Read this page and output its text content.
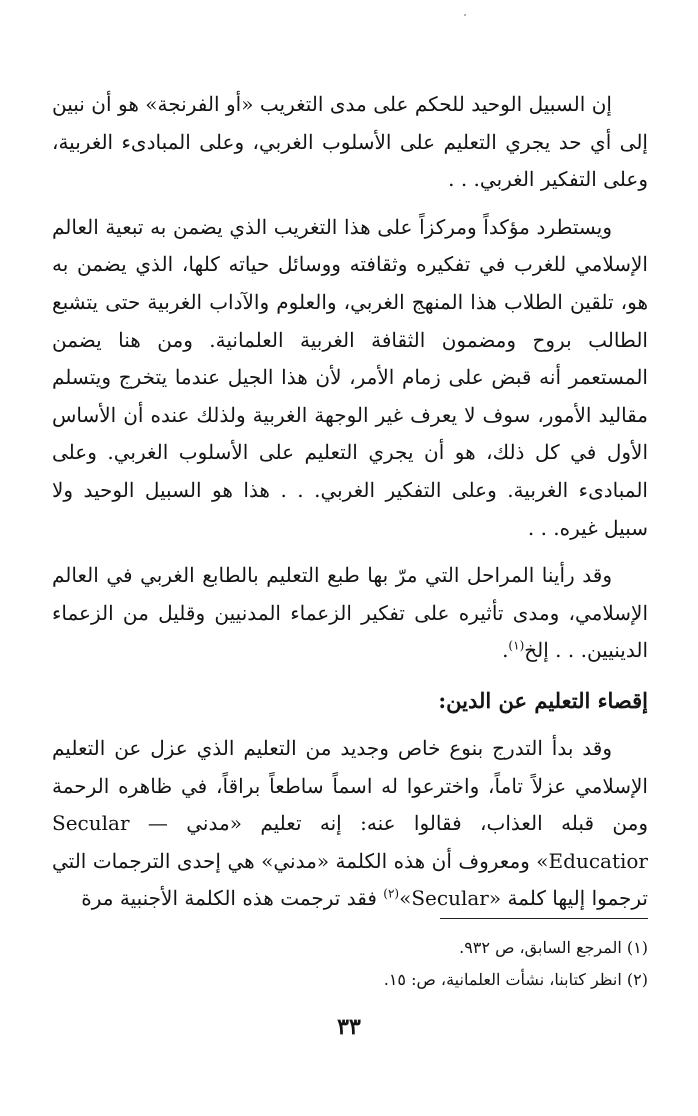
إن السبيل الوحيد للحكم على مدى التغريب «أو الفرنجة» هو أن نبين إلى أي حد يجري التعليم على الأسلوب الغربي، وعلى المبادىء الغربية، وعلى التفكير الغربي. . .

ويستطرد مؤكداً ومركزاً على هذا التغريب الذي يضمن به تبعية العالم الإسلامي للغرب في تفكيره وثقافته ووسائل حياته كلها، الذي يضمن به هو، تلقين الطلاب هذا المنهج الغربي، والعلوم والآداب الغربية حتى يتشبع الطالب بروح ومضمون الثقافة الغربية العلمانية. ومن هنا يضمن المستعمر أنه قبض على زمام الأمر، لأن هذا الجيل عندما يتخرج ويتسلم مقاليد الأمور، سوف لا يعرف غير الوجهة الغربية ولذلك عنده أن الأساس الأول في كل ذلك، هو أن يجري التعليم على الأسلوب الغربي. وعلى المبادىء الغربية. وعلى التفكير الغربي. . . هذا هو السبيل الوحيد ولا سبيل غيره. . .

وقد رأينا المراحل التي مرّ بها طبع التعليم بالطابع الغربي في العالم الإسلامي، ومدى تأثيره على تفكير الزعماء المدنيين وقليل من الزعماء الدينيين. . . إلخ$^{(١)}$.

إقصاء التعليم عن الدين:

وقد بدأ التدرج بنوع خاص وجديد من التعليم الذي عزل عن التعليم الإسلامي عزلاً تاماً، واخترعوا له اسماً ساطعاً براقاً، في ظاهره الرحمة ومن قبله العذاب، فقالوا عنه: إنه تعليم «مدني — Secular Educatior» ومعروف أن هذه الكلمة «مدني» هي إحدى الترجمات التي ترجموا إليها كلمة «Secular»$^{(٢)}$ فقد ترجمت هذه الكلمة الأجنبية مرة

(١) المرجع السابق، ص ٩٣٢.

(٢) انظر كتابنا، نشأت العلمانية، ص: ١٥.

٣٣
